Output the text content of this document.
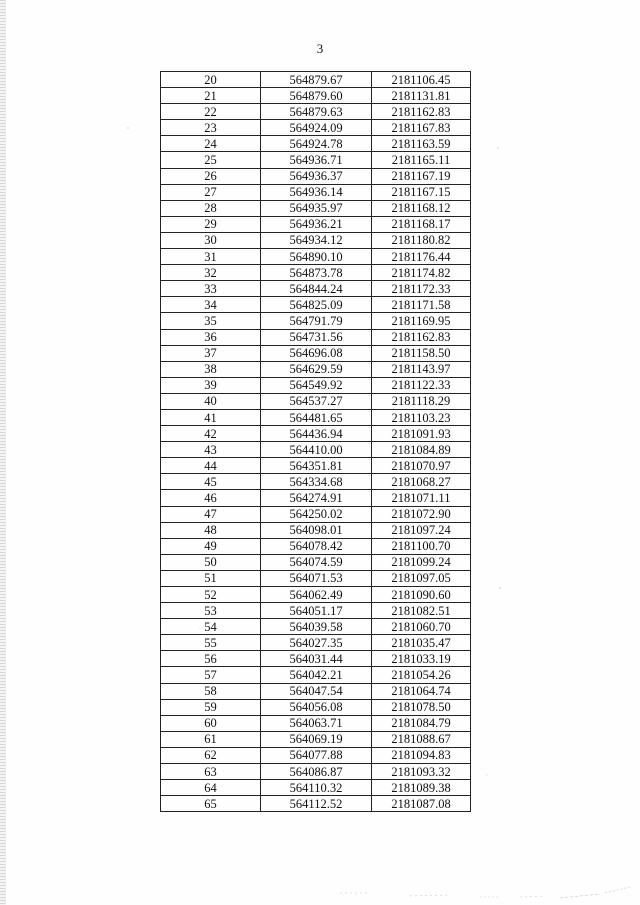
3
20	564879.67	2181106.45
21	564879.60	2181131.81
22	564879.63	2181162.83
23	564924.09	2181167.83
24	564924.78	2181163.59
25	564936.71	2181165.11
26	564936.37	2181167.19
27	564936.14	2181167.15
28	564935.97	2181168.12
29	564936.21	2181168.17
30	564934.12	2181180.82
31	564890.10	2181176.44
32	564873.78	2181174.82
33	564844.24	2181172.33
34	564825.09	2181171.58
35	564791.79	2181169.95
36	564731.56	2181162.83
37	564696.08	2181158.50
38	564629.59	2181143.97
39	564549.92	2181122.33
40	564537.27	2181118.29
41	564481.65	2181103.23
42	564436.94	2181091.93
43	564410.00	2181084.89
44	564351.81	2181070.97
45	564334.68	2181068.27
46	564274.91	2181071.11
47	564250.02	2181072.90
48	564098.01	2181097.24
49	564078.42	2181100.70
50	564074.59	2181099.24
51	564071.53	2181097.05
52	564062.49	2181090.60
53	564051.17	2181082.51
54	564039.58	2181060.70
55	564027.35	2181035.47
56	564031.44	2181033.19
57	564042.21	2181054.26
58	564047.54	2181064.74
59	564056.08	2181078.50
60	564063.71	2181084.79
61	564069.19	2181088.67
62	564077.88	2181094.83
63	564086.87	2181093.32
64	564110.32	2181089.38
65	564112.52	2181087.08
